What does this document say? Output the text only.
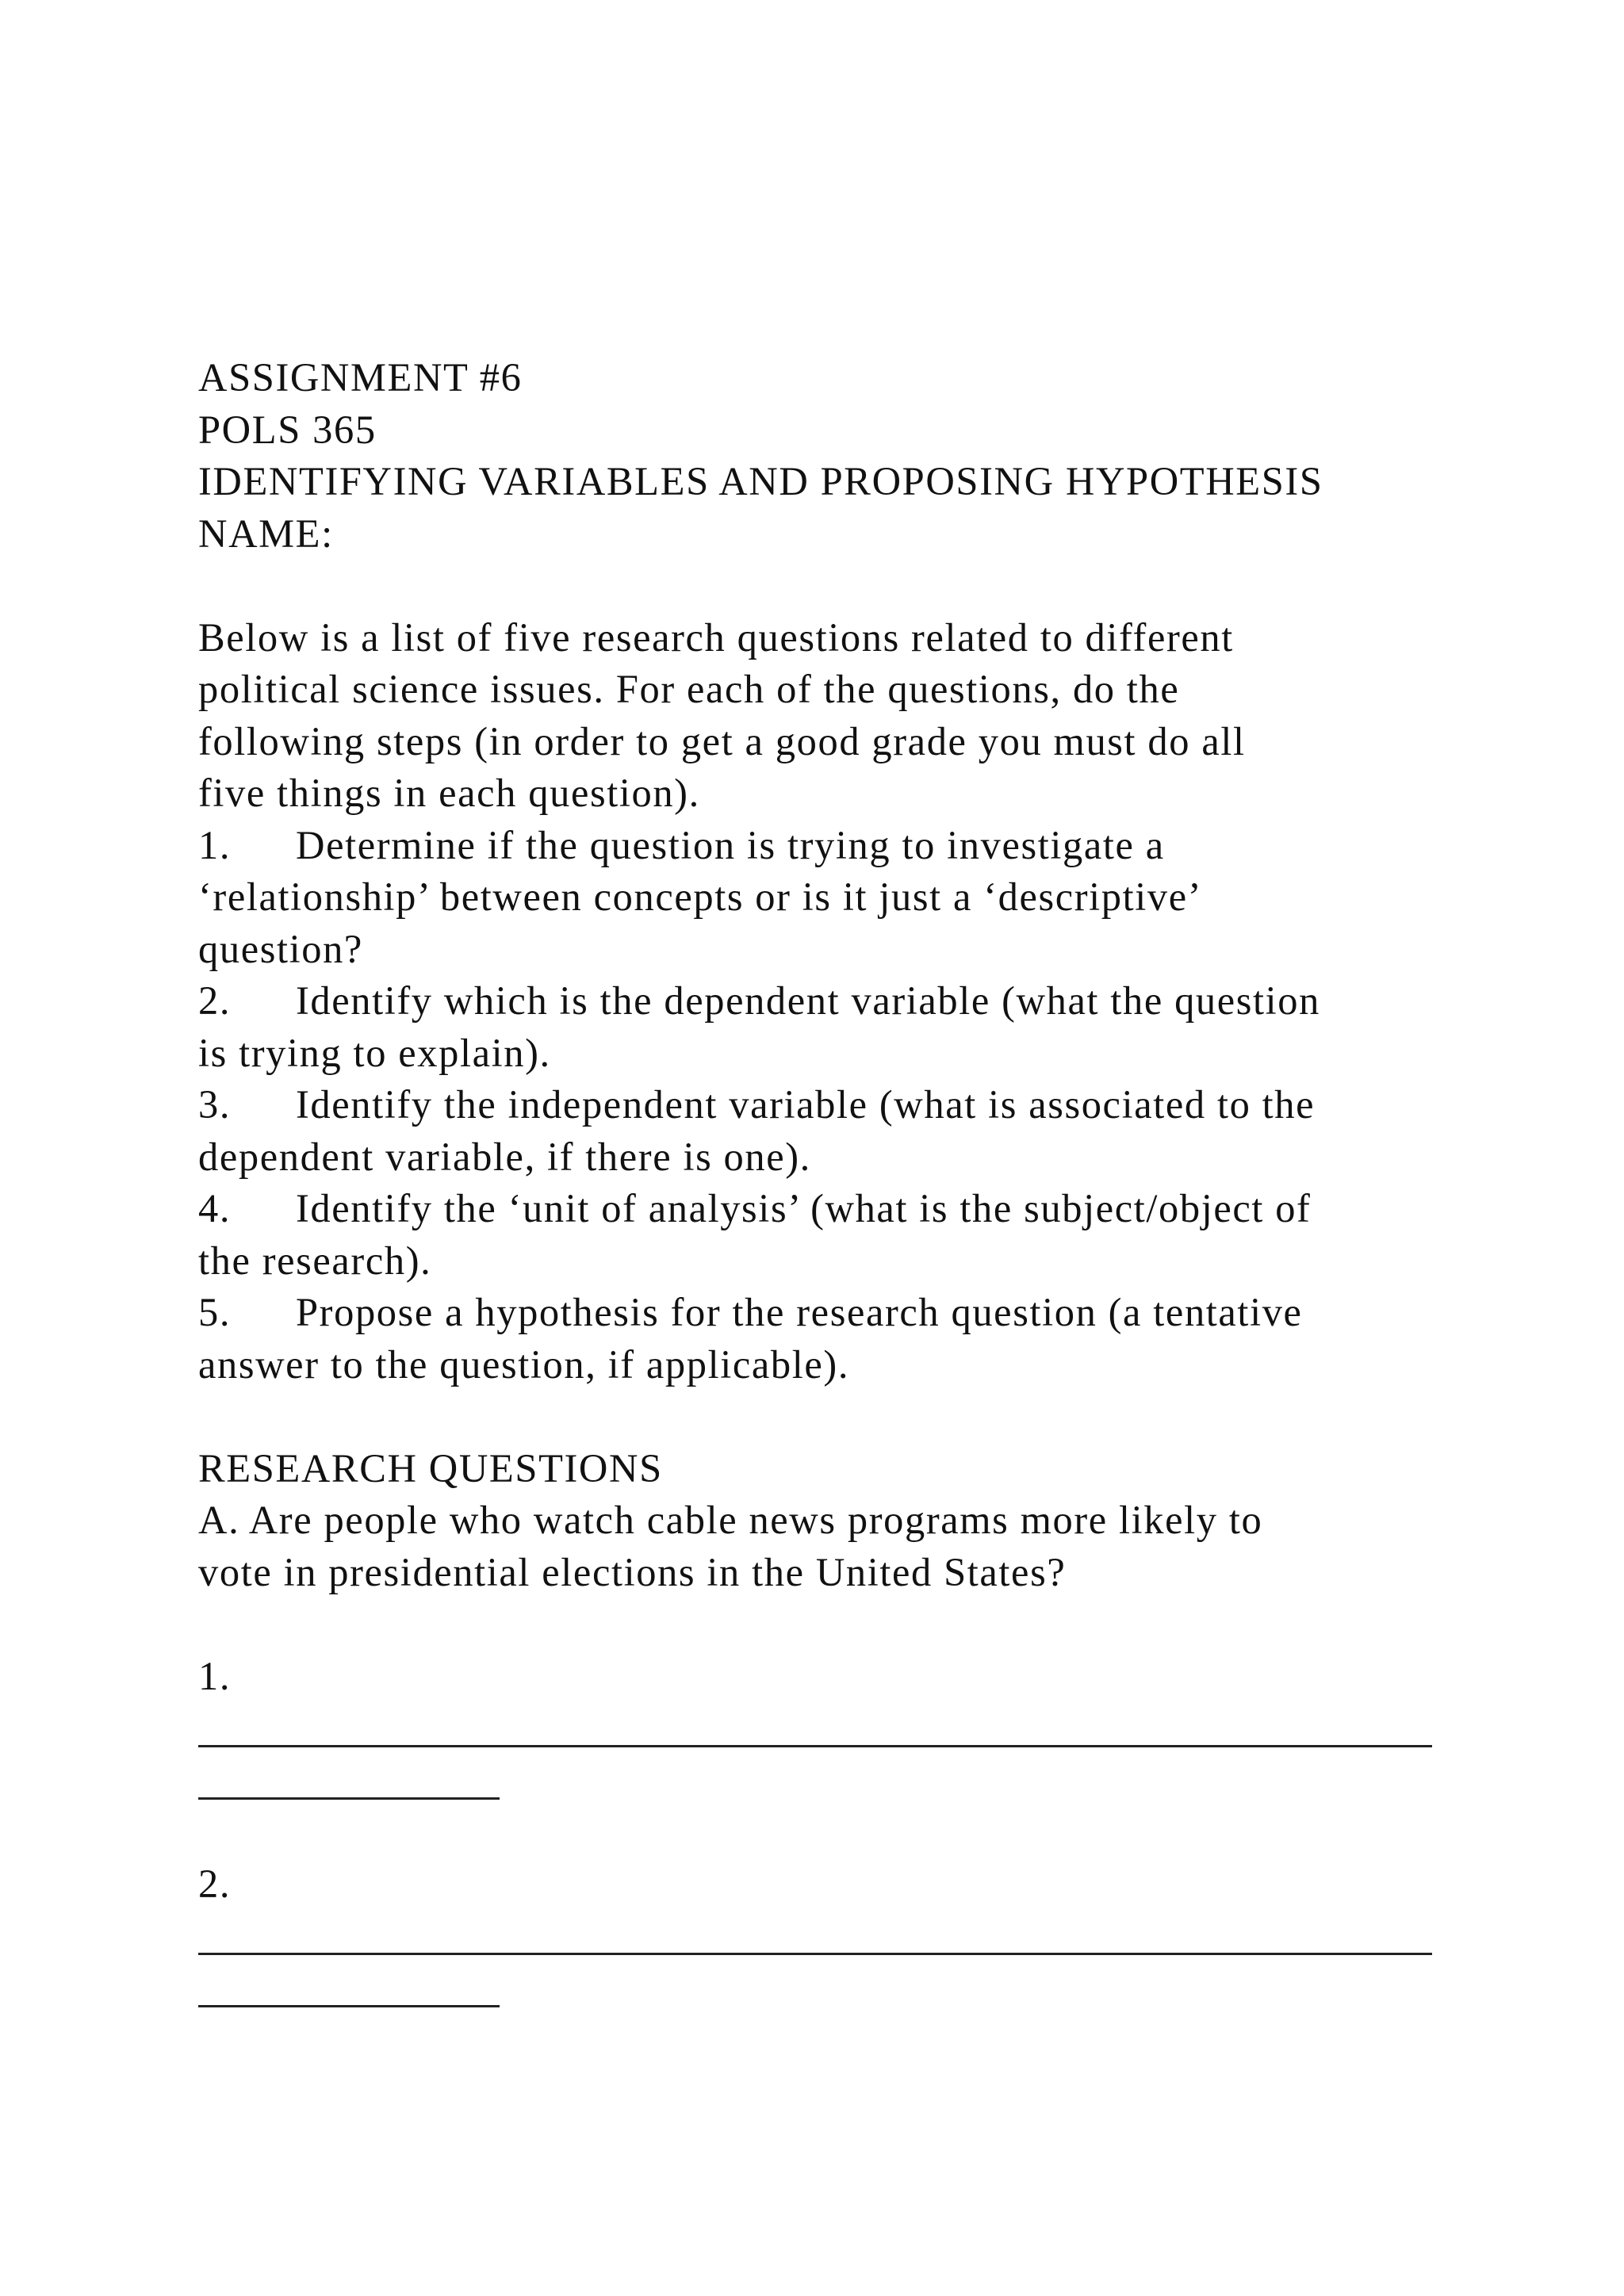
ASSIGNMENT #6
POLS 365
IDENTIFYING VARIABLES AND PROPOSING HYPOTHESIS
NAME:
Below is a list of five research questions related to different
political science issues. For each of the questions, do the
following steps (in order to get a good grade you must do all
five things in each question).
1. Determine if the question is trying to investigate a
‘relationship’ between concepts or is it just a ‘descriptive’
question?
2. Identify which is the dependent variable (what the question
is trying to explain).
3. Identify the independent variable (what is associated to the
dependent variable, if there is one).
4. Identify the ‘unit of analysis’ (what is the subject/object of
the research).
5. Propose a hypothesis for the research question (a tentative
answer to the question, if applicable).
RESEARCH QUESTIONS
A. Are people who watch cable news programs more likely to
vote in presidential elections in the United States?
1.
2.
